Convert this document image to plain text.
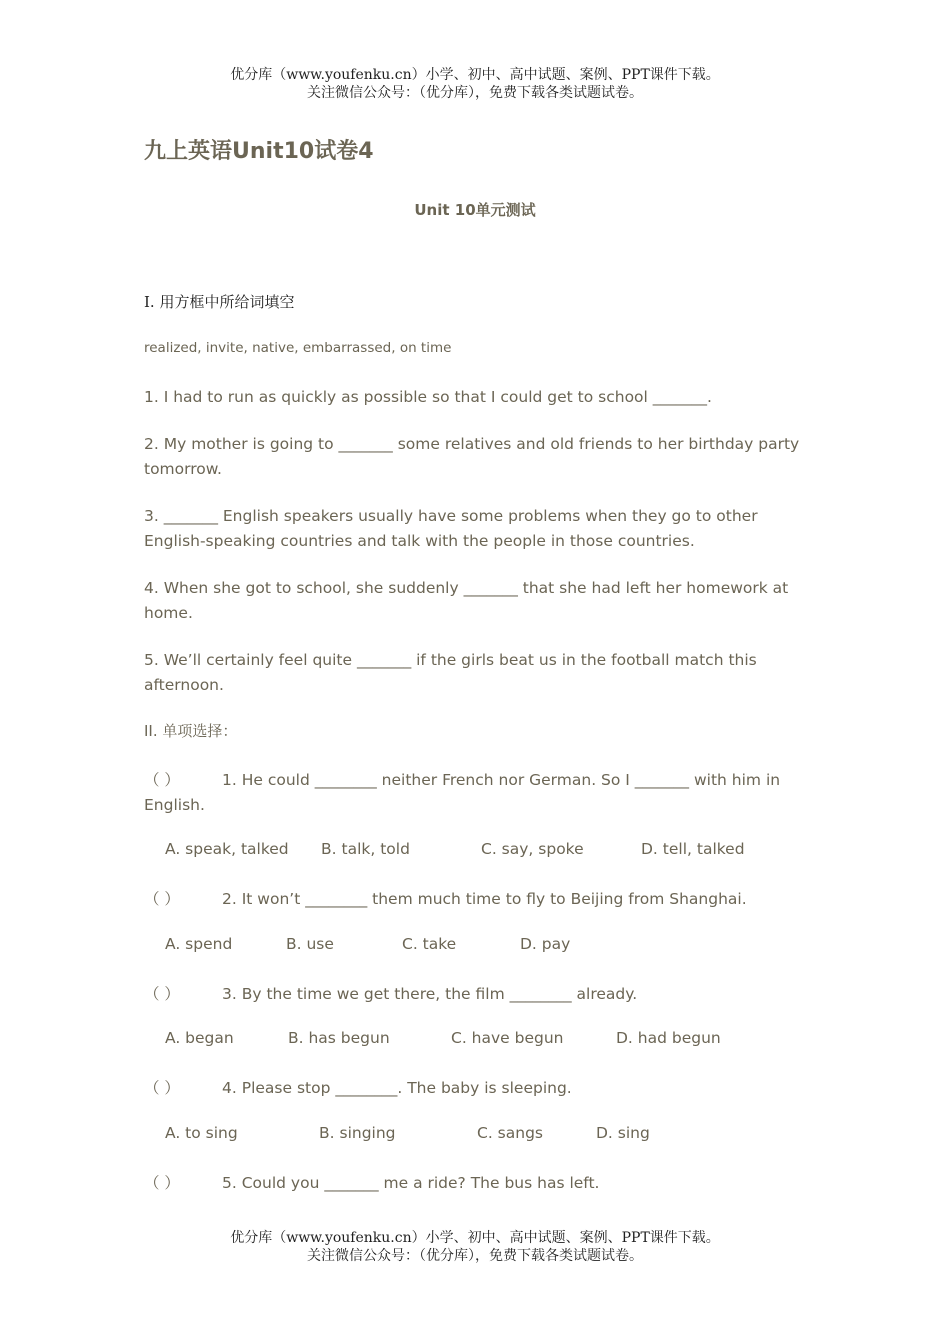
优分库（www.youfenku.cn）小学、初中、高中试题、案例、PPT课件下载。
关注微信公众号：（优分库），免费下载各类试题试卷。
九上英语Unit10试卷4
Unit 10单元测试
I. 用方框中所给词填空
realized, invite, native, embarrassed, on time
1. I had to run as quickly as possible so that I could get to school _______.
2. My mother is going to _______ some relatives and old friends to her birthday party tomorrow.
3. _______ English speakers usually have some problems when they go to other English-speaking countries and talk with the people in those countries.
4. When she got to school, she suddenly _______ that she had left her homework at home.
5. We’ll certainly feel quite _______ if the girls beat us in the football match this afternoon.
II. 单项选择：
（ ）	1. He could ________ neither French nor German. So I _______ with him in English.
A. speak, talked B. talk, told	C. say, spoke	D. tell, talked
（ ）	2. It won’t ________ them much time to fly to Beijing from Shanghai.
A. spend	B. use	C. take	D. pay
（ ）	3. By the time we get there, the film ________ already.
A. began	B. has begun	C. have begun	D. had begun
（ ）	4. Please stop ________. The baby is sleeping.
A. to sing	B. singing	C. sangs	D. sing
（ ）	5. Could you _______ me a ride? The bus has left.
优分库（www.youfenku.cn）小学、初中、高中试题、案例、PPT课件下载。
关注微信公众号：（优分库），免费下载各类试题试卷。
